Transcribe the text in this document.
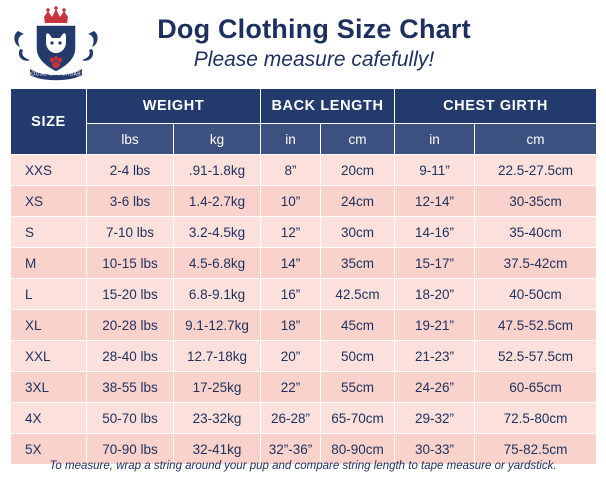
HOUSE OF FURBABY
Dog Clothing Size Chart
Please measure cafefully!
SIZE	WEIGHT		BACK LENGTH		CHEST GIRTH	
	lbs	kg	in	cm	in	cm
XXS	2-4 lbs	.91-1.8kg	8”	20cm	9-11”	22.5-27.5cm
XS	3-6 lbs	1.4-2.7kg	10”	24cm	12-14”	30-35cm
S	7-10 lbs	3.2-4.5kg	12”	30cm	14-16”	35-40cm
M	10-15 lbs	4.5-6.8kg	14”	35cm	15-17”	37.5-42cm
L	15-20 lbs	6.8-9.1kg	16”	42.5cm	18-20”	40-50cm
XL	20-28 lbs	9.1-12.7kg	18”	45cm	19-21”	47.5-52.5cm
XXL	28-40 lbs	12.7-18kg	20”	50cm	21-23”	52.5-57.5cm
3XL	38-55 lbs	17-25kg	22”	55cm	24-26”	60-65cm
4X	50-70 lbs	23-32kg	26-28”	65-70cm	29-32”	72.5-80cm
5X	70-90 lbs	32-41kg	32”-36”	80-90cm	30-33”	75-82.5cm
To measure, wrap a string around your pup and compare string length to tape measure or yardstick.
